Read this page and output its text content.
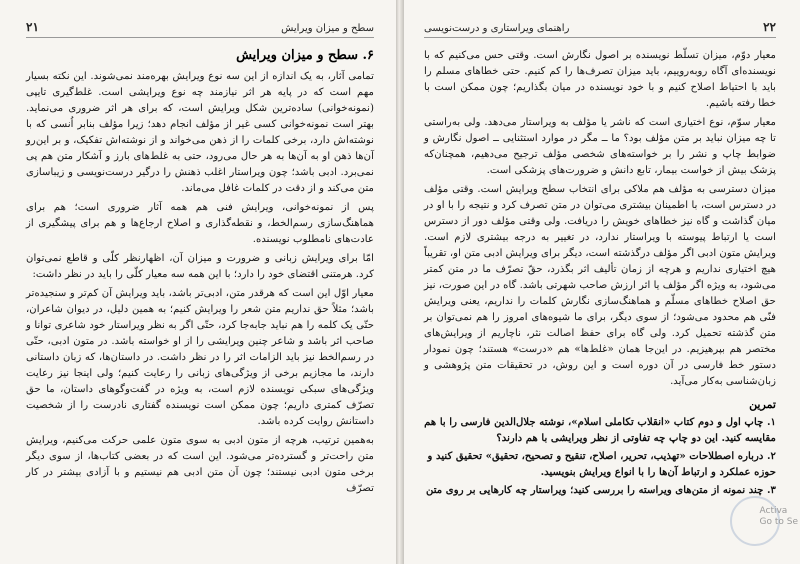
سطح و میزان ویرایش
۲۱
۶. سطح و میزان ویرایش

تمامی آثار، به یک اندازه از این سه نوع ویرایش بهره‌مند نمی‌شوند. این نکته بسیار مهم است که در پایه هر اثر نیازمند چه نوع ویرایشی است. غلط‌گیری تایپی (نمونه‌خوانی) ساده‌ترین شکل ویرایش است، که برای هر اثر ضروری می‌نماید. بهتر است نمونه‌خوانی کسی غیر از مؤلف انجام دهد؛ زیرا مؤلف بنابر اُنسی که با نوشته‌اش دارد، برخی کلمات را از ذهن می‌خواند و از نوشته‌اش تفکیک، و بر این‌رو آن‌ها ذهن او به آن‌ها به هر حال می‌رود، حتی به غلط‌های بارز و آشکار متن هم پی نمی‌برد. ادبی باشد؛ چون ویراستار اغلب ذهنش را درگیر درست‌نویسی و زیباسازی متن می‌کند و از دقت در کلمات غافل می‌ماند.

پس از نمونه‌خوانی، ویرایش فنی هم همه آثار ضروری است؛ هم برای هماهنگ‌سازی رسم‌الخط، و نقطه‌گذاری و اصلاح ارجاع‌ها و هم برای پیشگیری از عادت‌های نامطلوب نویسنده.

امّا برای ویرایش زبانی و ضرورت و میزان آن، اظهارنظر کلّی و قاطع نمی‌توان کرد. هرمتنی اقتضای خود را دارد؛ با این همه سه معیار کلّی را باید در نظر داشت:

معیار اوّل این است که هرقدر متن، ادبی‌تر باشد، باید ویرایش آن کم‌تر و سنجیده‌تر باشد؛ مثلاً حق نداریم متن شعر را ویرایش کنیم؛ به همین دلیل، در دیوان شاعران، حتّی یک کلمه را هم نباید جابه‌جا کرد، حتّی اگر به نظر ویراستار خود شاعری توانا و صاحب اثر باشد و شاعر چنین ویرایشی را از او خواسته باشد. در متون ادبی، حتّی در رسم‌الخط نیز باید الزامات اثر را در نظر داشت. در داستان‌ها، که زبان داستانی دارند، ما مجازیم برخی از ویژگی‌های زبانی را رعایت کنیم؛ ولی اینجا نیز رعایت ویژگی‌های سبکی نویسنده لازم است، به ویژه در گفت‌وگوهای داستان، ما حق تصرّف کمتری داریم؛ چون ممکن است نویسنده گفتاری نادرست را از شخصیت داستانش روایت کرده باشد.

به‌همین ترتیب، هرچه از متون ادبی به سوی متون علمی حرکت می‌کنیم، ویرایش متن راحت‌تر و گسترده‌تر می‌شود. این است که در بعضی کتاب‌ها، از سوی دیگر برخی متون ادبی نیستند؛ چون آن متن ادبی هم نیستیم و با آزادی بیشتر در کار تصرّف

۲۲
راهنمای ویراستاری و درست‌نویسی

معیار دوّم، میزان تسلّط نویسنده بر اصول نگارش است. وقتی حس می‌کنیم که با نویسنده‌ای آگاه روبه‌روییم، باید میزان تصرف‌ها را کم کنیم. حتی خطاهای مسلم را باید با احتیاط اصلاح کنیم و با خود نویسنده در میان بگذاریم؛ چون ممکن است با خطا رفته باشیم.

معیار سوّم، نوع اختیاری است که ناشر یا مؤلف به ویراستار می‌دهد. ولی به‌راستی تا چه میزان نباید بر متن مؤلف بود؟ ما ــ مگر در موارد استثنایی ــ اصول نگارش و ضوابط چاپ و نشر را بر خواسته‌های شخصی مؤلف ترجیح می‌دهیم، همچنان‌که پزشک بیش از خواست بیمار، تابع دانش و ضرورت‌های پزشکی است.

میزان دسترسی به مؤلف هم ملاکی برای انتخاب سطح ویرایش است. وقتی مؤلف در دسترس است، با اطمینان بیشتری می‌توان در متن تصرف کرد و نتیجه را با او در میان گذاشت و گاه نیز خطاهای خویش را دریافت. ولی وقتی مؤلف دور از دسترس است یا ارتباط پیوسته با ویراستار ندارد، در تغییر به درجه بیشتری لازم است. ویرایش متون ادبی اگر مؤلف درگذشته است، دیگر برای ویرایش ادبی متن او، تقریباً هیچ اختیاری نداریم و هرچه از زمان تألیف اثر بگذرد، حقّ تصرّف ما در متن کمتر می‌شود، به ویژه اگر مؤلف یا اثر ارزش صاحب شهرتی باشد. گاه در این صورت، نیز حق اصلاح خطاهای مسلّم و هماهنگ‌سازی نگارش کلمات را نداریم، یعنی ویرایش فنّی هم محدود می‌شود؛ از سوی دیگر، برای ما شیوه‌های امروز را هم نمی‌توان بر متن گذشته تحمیل کرد. ولی گاه برای حفظ اصالت نثر، ناچاریم از ویرایش‌های مختصر هم بپرهیزیم. در این‌جا همان «غلط‌ها» هم «درست» هستند؛ چون نمودار دستور خط فارسی در آن دوره است و این روش، در تحقیقات متن پژوهشی و زبان‌شناسی به‌کار می‌آید.

تمرین
۱. چاپ اول و دوم کتاب «انقلاب تکاملی اسلام»، نوشته جلال‌الدین فارسی را با هم مقایسه کنید. این دو چاپ چه تفاوتی از نظر ویرایشی با هم دارند؟
۲. درباره اصطلاحات «تهذیب، تحریر، اصلاح، تنقیح و تصحیح، تحقیق» تحقیق کنید و حوزه عملکرد و ارتباط آن‌ها را با انواع ویرایش بنویسید.
۳. چند نمونه از متن‌های ویراسته را بررسی کنید؛ ویراستار چه کارهایی بر روی متن
Activa
Go to Se
